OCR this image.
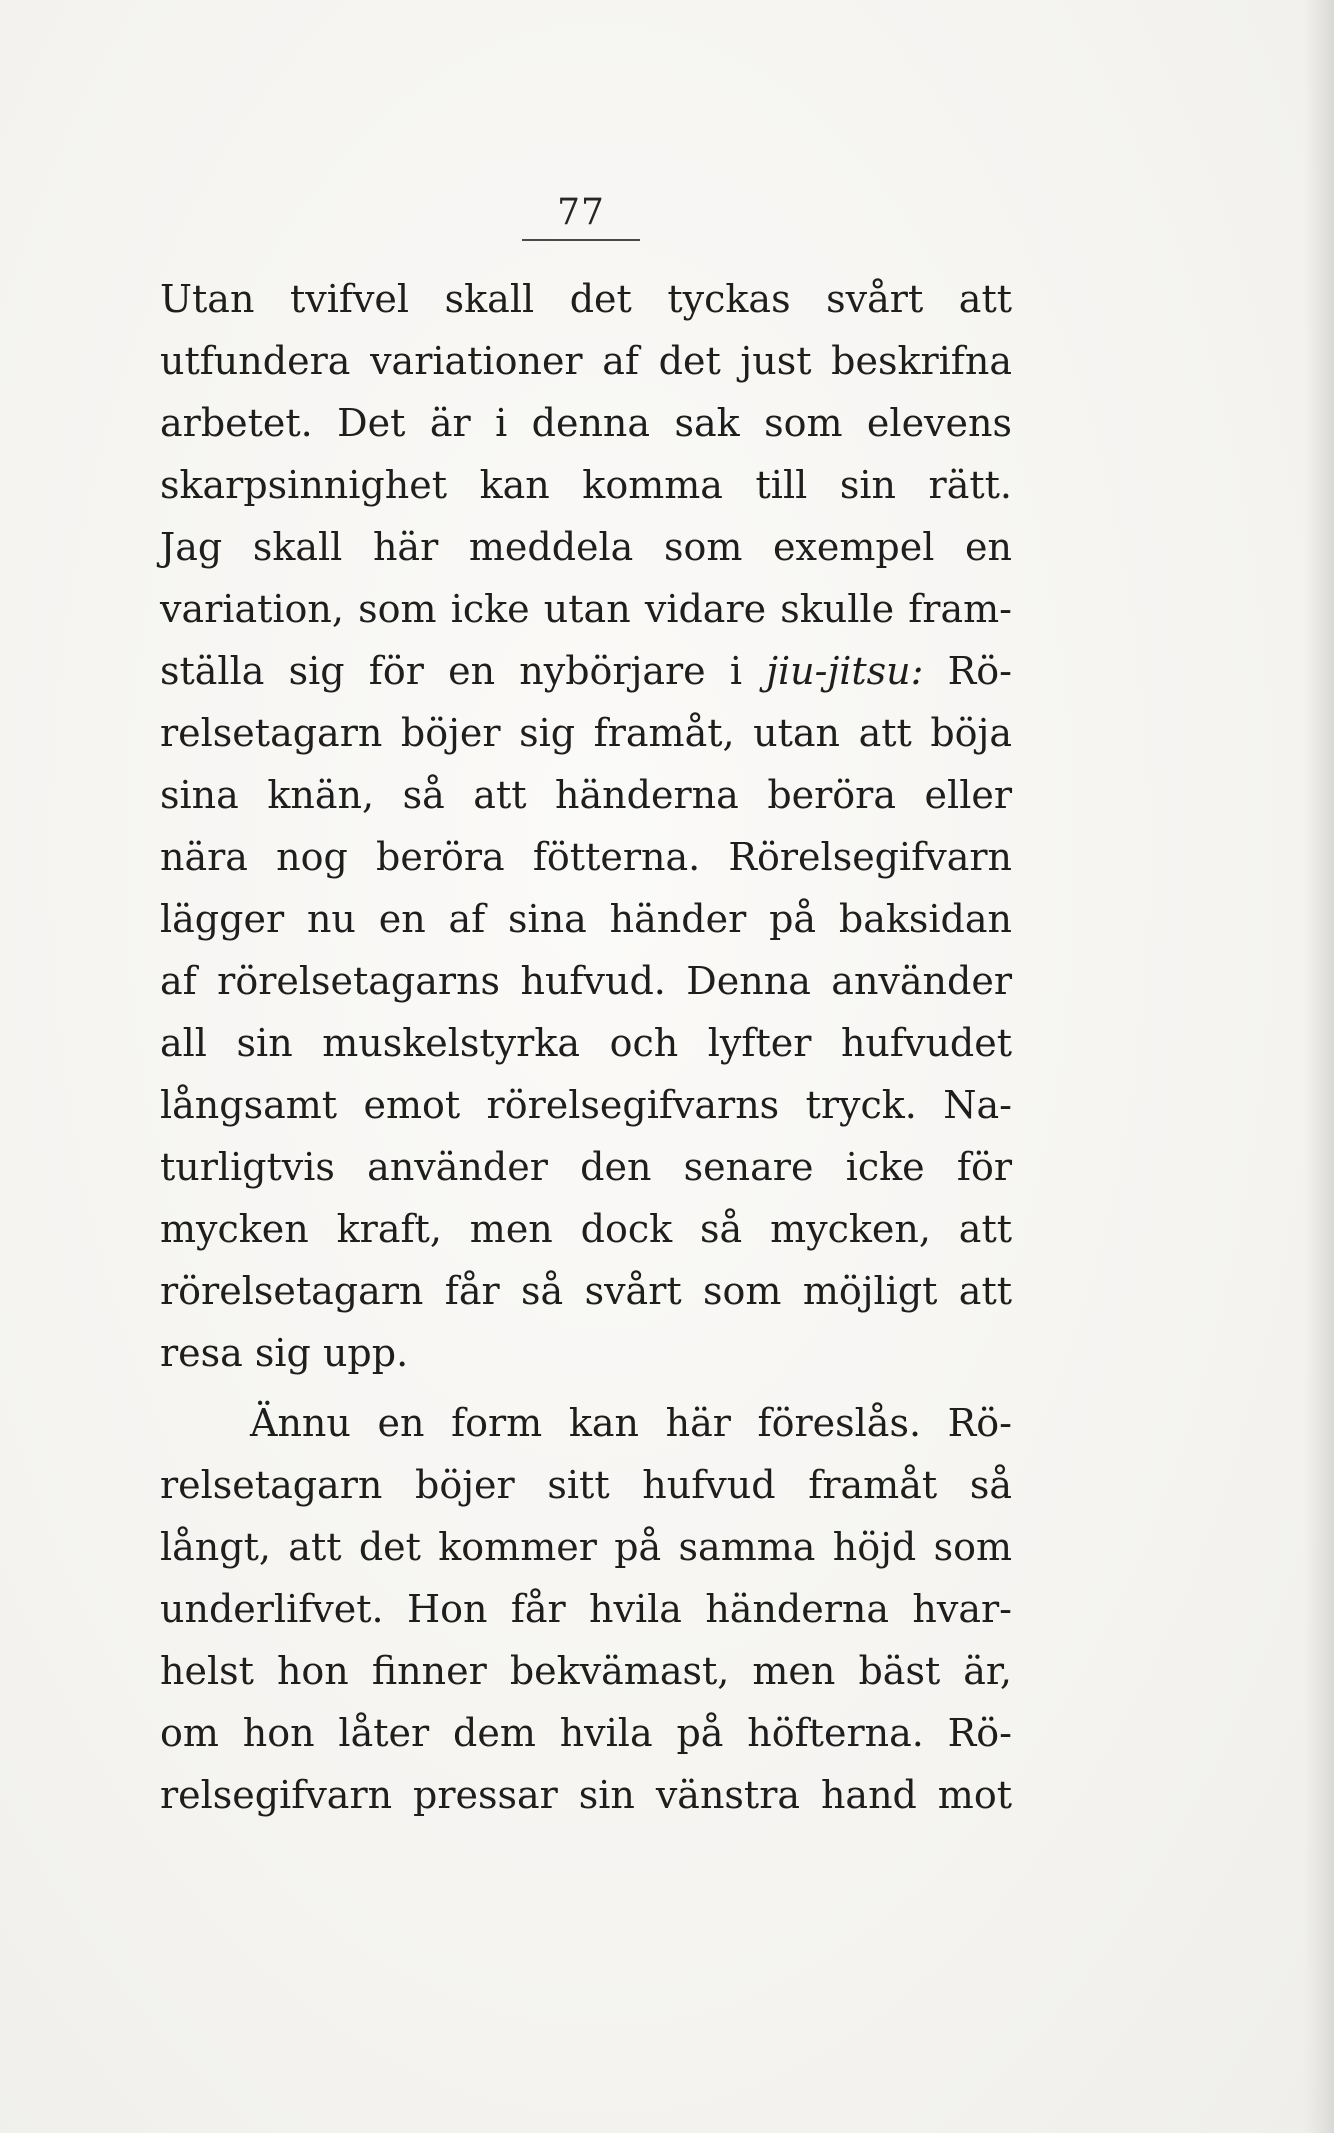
77
Utan tvifvel skall det tyckas svårt att
utfundera variationer af det just beskrifna
arbetet. Det är i denna sak som elevens
skarpsinnighet kan komma till sin rätt.
Jag skall här meddela som exempel en
variation, som icke utan vidare skulle fram-
ställa sig för en nybörjare i jiu-jitsu: Rö-
relsetagarn böjer sig framåt, utan att böja
sina knän, så att händerna beröra eller
nära nog beröra fötterna. Rörelsegifvarn
lägger nu en af sina händer på baksidan
af rörelsetagarns hufvud. Denna använder
all sin muskelstyrka och lyfter hufvudet
långsamt emot rörelsegifvarns tryck. Na-
turligtvis använder den senare icke för
mycken kraft, men dock så mycken, att
rörelsetagarn får så svårt som möjligt att
resa sig upp.
Ännu en form kan här föreslås. Rö-
relsetagarn böjer sitt hufvud framåt så
långt, att det kommer på samma höjd som
underlifvet. Hon får hvila händerna hvar-
helst hon finner bekvämast, men bäst är,
om hon låter dem hvila på höfterna. Rö-
relsegifvarn pressar sin vänstra hand mot
